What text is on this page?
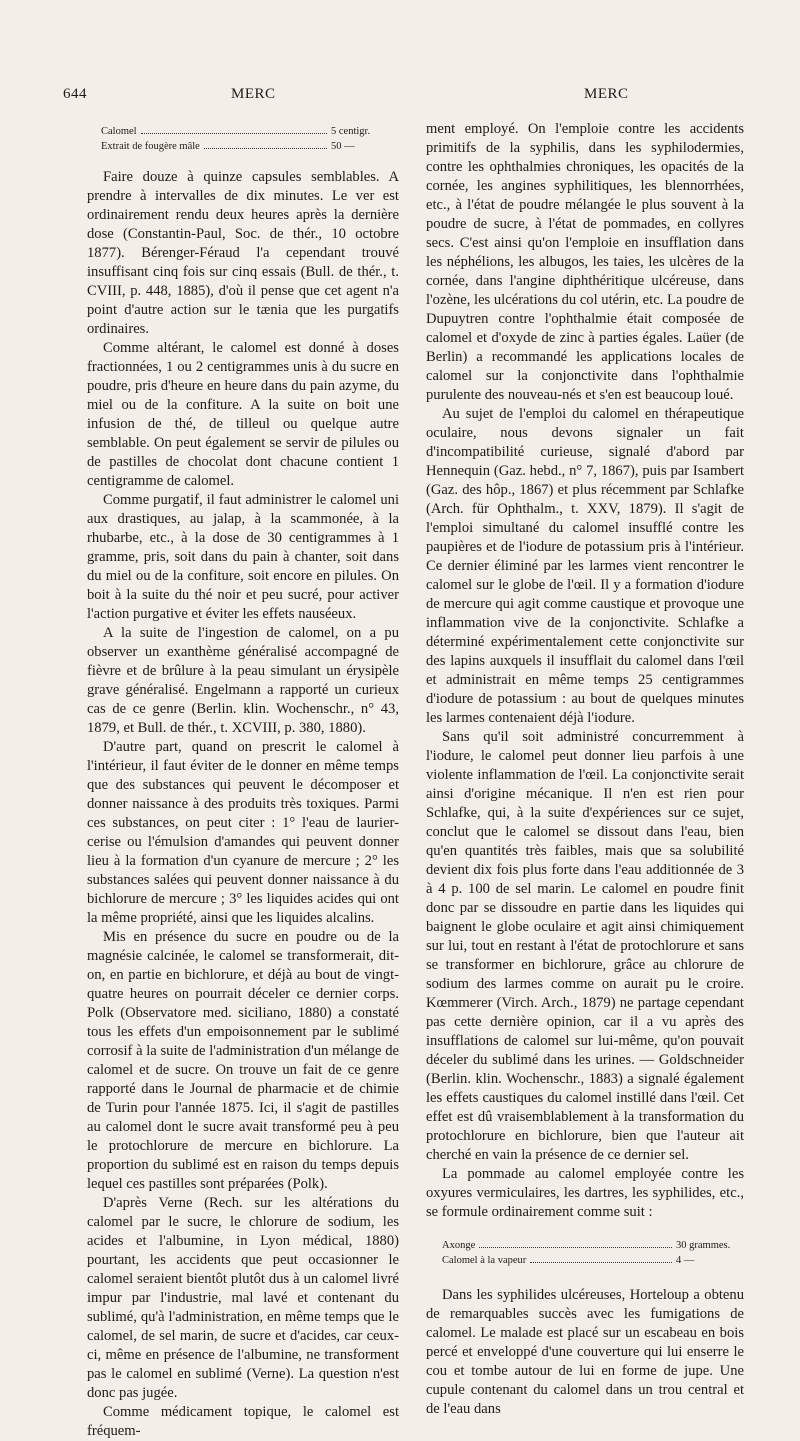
644	MERC	MERC
Calomel	5 centigr.
Extrait de fougère mâle	50 —

Faire douze à quinze capsules semblables. A prendre à intervalles de dix minutes. Le ver est ordinairement rendu deux heures après la dernière dose (Constantin-Paul, Soc. de thér., 10 octobre 1877). Bérenger-Féraud l'a cependant trouvé insuffisant cinq fois sur cinq essais (Bull. de thér., t. CVIII, p. 448, 1885), d'où il pense que cet agent n'a point d'autre action sur le tænia que les purgatifs ordinaires.

Comme altérant, le calomel est donné à doses fractionnées, 1 ou 2 centigrammes unis à du sucre en poudre, pris d'heure en heure dans du pain azyme, du miel ou de la confiture. A la suite on boit une infusion de thé, de tilleul ou quelque autre semblable. On peut également se servir de pilules ou de pastilles de chocolat dont chacune contient 1 centigramme de calomel.

Comme purgatif, il faut administrer le calomel uni aux drastiques, au jalap, à la scammonée, à la rhubarbe, etc., à la dose de 30 centigrammes à 1 gramme, pris, soit dans du pain à chanter, soit dans du miel ou de la confiture, soit encore en pilules. On boit à la suite du thé noir et peu sucré, pour activer l'action purgative et éviter les effets nauséeux.

A la suite de l'ingestion de calomel, on a pu observer un exanthème généralisé accompagné de fièvre et de brûlure à la peau simulant un érysipèle grave généralisé. Engelmann a rapporté un curieux cas de ce genre (Berlin. klin. Wochenschr., n° 43, 1879, et Bull. de thér., t. XCVIII, p. 380, 1880).

D'autre part, quand on prescrit le calomel à l'intérieur, il faut éviter de le donner en même temps que des substances qui peuvent le décomposer et donner naissance à des produits très toxiques. Parmi ces substances, on peut citer : 1° l'eau de laurier-cerise ou l'émulsion d'amandes qui peuvent donner lieu à la formation d'un cyanure de mercure ; 2° les substances salées qui peuvent donner naissance à du bichlorure de mercure ; 3° les liquides acides qui ont la même propriété, ainsi que les liquides alcalins.

Mis en présence du sucre en poudre ou de la magnésie calcinée, le calomel se transformerait, dit-on, en partie en bichlorure, et déjà au bout de vingt-quatre heures on pourrait déceler ce dernier corps. Polk (Observatore med. siciliano, 1880) a constaté tous les effets d'un empoisonnement par le sublimé corrosif à la suite de l'administration d'un mélange de calomel et de sucre. On trouve un fait de ce genre rapporté dans le Journal de pharmacie et de chimie de Turin pour l'année 1875. Ici, il s'agit de pastilles au calomel dont le sucre avait transformé peu à peu le protochlorure de mercure en bichlorure. La proportion du sublimé est en raison du temps depuis lequel ces pastilles sont préparées (Polk).

D'après Verne (Rech. sur les altérations du calomel par le sucre, le chlorure de sodium, les acides et l'albumine, in Lyon médical, 1880) pourtant, les accidents que peut occasionner le calomel seraient bientôt plutôt dus à un calomel livré impur par l'industrie, mal lavé et contenant du sublimé, qu'à l'administration, en même temps que le calomel, de sel marin, de sucre et d'acides, car ceux-ci, même en présence de l'albumine, ne transforment pas le calomel en sublimé (Verne). La question n'est donc pas jugée.

Comme médicament topique, le calomel est fréquem-

ment employé. On l'emploie contre les accidents primitifs de la syphilis, dans les syphilodermies, contre les ophthalmies chroniques, les opacités de la cornée, les angines syphilitiques, les blennorrhées, etc., à l'état de poudre mélangée le plus souvent à la poudre de sucre, à l'état de pommades, en collyres secs. C'est ainsi qu'on l'emploie en insufflation dans les néphélions, les albugos, les taies, les ulcères de la cornée, dans l'angine diphthéritique ulcéreuse, dans l'ozène, les ulcérations du col utérin, etc. La poudre de Dupuytren contre l'ophthalmie était composée de calomel et d'oxyde de zinc à parties égales. Laüer (de Berlin) a recommandé les applications locales de calomel sur la conjonctivite dans l'ophthalmie purulente des nouveau-nés et s'en est beaucoup loué.

Au sujet de l'emploi du calomel en thérapeutique oculaire, nous devons signaler un fait d'incompatibilité curieuse, signalé d'abord par Hennequin (Gaz. hebd., n° 7, 1867), puis par Isambert (Gaz. des hôp., 1867) et plus récemment par Schlafke (Arch. für Ophthalm., t. XXV, 1879). Il s'agit de l'emploi simultané du calomel insufflé contre les paupières et de l'iodure de potassium pris à l'intérieur. Ce dernier éliminé par les larmes vient rencontrer le calomel sur le globe de l'œil. Il y a formation d'iodure de mercure qui agit comme caustique et provoque une inflammation vive de la conjonctivite. Schlafke a déterminé expérimentalement cette conjonctivite sur des lapins auxquels il insufflait du calomel dans l'œil et administrait en même temps 25 centigrammes d'iodure de potassium : au bout de quelques minutes les larmes contenaient déjà l'iodure.

Sans qu'il soit administré concurremment à l'iodure, le calomel peut donner lieu parfois à une violente inflammation de l'œil. La conjonctivite serait ainsi d'origine mécanique. Il n'en est rien pour Schlafke, qui, à la suite d'expériences sur ce sujet, conclut que le calomel se dissout dans l'eau, bien qu'en quantités très faibles, mais que sa solubilité devient dix fois plus forte dans l'eau additionnée de 3 à 4 p. 100 de sel marin. Le calomel en poudre finit donc par se dissoudre en partie dans les liquides qui baignent le globe oculaire et agit ainsi chimiquement sur lui, tout en restant à l'état de protochlorure et sans se transformer en bichlorure, grâce au chlorure de sodium des larmes comme on aurait pu le croire. Kœmmerer (Virch. Arch., 1879) ne partage cependant pas cette dernière opinion, car il a vu après des insufflations de calomel sur lui-même, qu'on pouvait déceler du sublimé dans les urines. — Goldschneider (Berlin. klin. Wochenschr., 1883) a signalé également les effets caustiques du calomel instillé dans l'œil. Cet effet est dû vraisemblablement à la transformation du protochlorure en bichlorure, bien que l'auteur ait cherché en vain la présence de ce dernier sel.

La pommade au calomel employée contre les oxyures vermiculaires, les dartres, les syphilides, etc., se formule ordinairement comme suit :

Axonge	30 grammes.
Calomel à la vapeur	4 —

Dans les syphilides ulcéreuses, Horteloup a obtenu de remarquables succès avec les fumigations de calomel. Le malade est placé sur un escabeau en bois percé et enveloppé d'une couverture qui lui enserre le cou et tombe autour de lui en forme de jupe. Une cupule contenant du calomel dans un trou central et de l'eau dans
